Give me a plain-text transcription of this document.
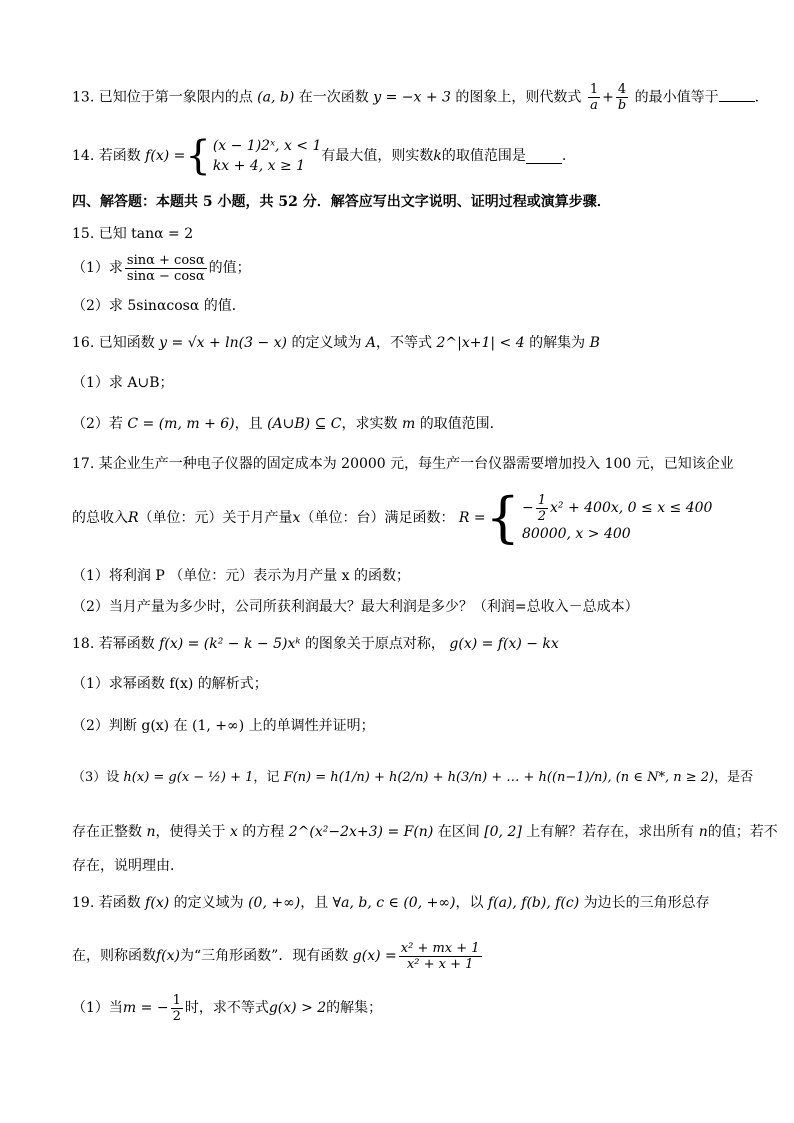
13. 已知位于第一象限内的点 (a, b) 在一次函数 y = −x + 3 的图象上，则代数式 $\frac{1}{a} + \frac{4}{b}$ 的最小值等于	.
14. 若函数
f(x) = { (x − 1)2ˣ, x < 1
kx + 4, x ≥ 1
有最大值，则实数 k 的取值范围是	.
四、解答题：本题共 5 小题，共 52 分．解答应写出文字说明、证明过程或演算步骤．
15. 已知 tanα = 2
（1）求 $\frac{\sin\alpha + \cos\alpha}{\sin\alpha - \cos\alpha}$ 的值；
（2）求 5sinαcosα 的值．
16. 已知函数 y = √x + ln(3 − x) 的定义域为 A，不等式 2^|x+1| < 4 的解集为 B
（1）求 A∪B；
（2）若 C = (m, m + 6)，且 (A∪B) ⊆ C，求实数 m 的取值范围．
17. 某企业生产一种电子仪器的固定成本为 20000 元，每生产一台仪器需要增加投入 100 元，已知该企业
的总收入 R （单位：元）关于月产量 x （单位：台）满足函数：
R = { − $\frac{1}{2} x^2 + 400x$, 0 ≤ x ≤ 400
80000, x > 400
（1）将利润 P （单位：元）表示为月产量 x 的函数；
（2）当月产量为多少时，公司所获利润最大？最大利润是多少？（利润=总收入－总成本）
18. 若幂函数 f(x) = (k² − k − 5)xᵏ 的图象关于原点对称， g(x) = f(x) − kx
（1）求幂函数 f(x) 的解析式；
（2）判断 g(x) 在 (1, +∞) 上的单调性并证明；
（3）设 h(x) = g(x − ½) + 1，记 F(n) = h(1/n) + h(2/n) + h(3/n) + … + h((n−1)/n), (n ∈ N*, n ≥ 2)，是否
存在正整数 n，使得关于 x 的方程 2^(x²−2x+3) = F(n) 在区间 [0, 2] 上有解？若存在，求出所有 n的值；若不
存在，说明理由．
19. 若函数 f(x) 的定义域为 (0, +∞)，且 ∀a, b, c ∈ (0, +∞)，以 f(a), f(b), f(c) 为边长的三角形总存
在，则称函数 f(x) 为“三角形函数”．现有函数
$g(x) = \frac{\text{x² + mx + 1}}{\text{x² + x + 1}}$
（1）当 m = − $\frac{1}{2}$ 时，求不等式 g(x) > 2 的解集；
